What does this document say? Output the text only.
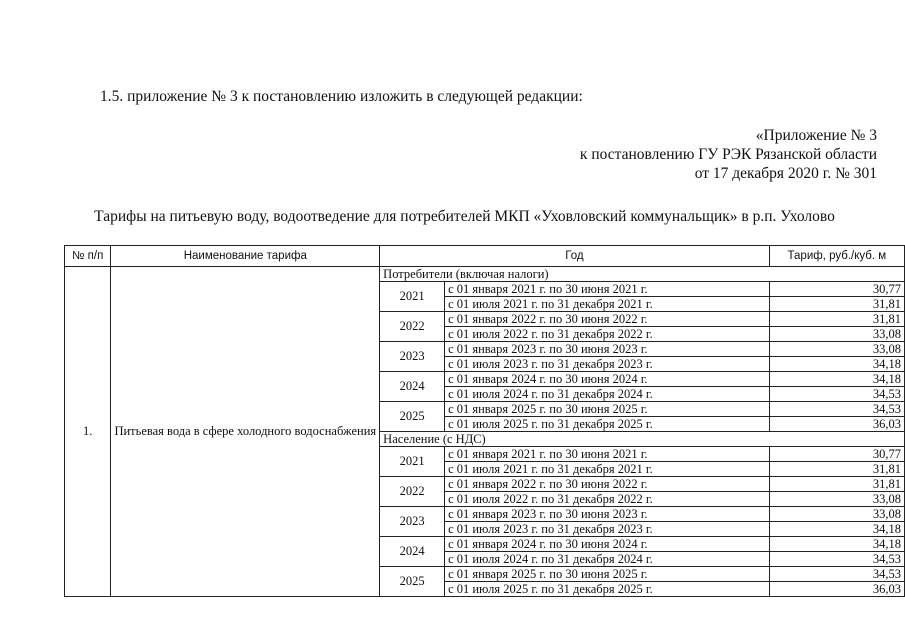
1.5. приложение № 3 к постановлению изложить в следующей редакции:
«Приложение № 3
к постановлению ГУ РЭК Рязанской области
от 17 декабря 2020 г. № 301
Тарифы на питьевую воду, водоотведение для потребителей МКП «Уховловский коммунальщик» в р.п. Ухолово
№ п/п	Наименование тарифа	Год		Тариф, руб./куб. м
1.	Питьевая вода в сфере холодного водоснабжения	Потребители (включая налоги)		
		2021	с 01 января 2021 г. по 30 июня 2021 г.	30,77
			с 01 июля 2021 г. по 31 декабря 2021 г.	31,81
		2022	с 01 января 2022 г. по 30 июня 2022 г.	31,81
			с 01 июля 2022 г. по 31 декабря 2022 г.	33,08
		2023	с 01 января 2023 г. по 30 июня 2023 г.	33,08
			с 01 июля 2023 г. по 31 декабря 2023 г.	34,18
		2024	с 01 января 2024 г. по 30 июня 2024 г.	34,18
			с 01 июля 2024 г. по 31 декабря 2024 г.	34,53
		2025	с 01 января 2025 г. по 30 июня 2025 г.	34,53
			с 01 июля 2025 г. по 31 декабря 2025 г.	36,03
		Население (с НДС)		
		2021	с 01 января 2021 г. по 30 июня 2021 г.	30,77
			с 01 июля 2021 г. по 31 декабря 2021 г.	31,81
		2022	с 01 января 2022 г. по 30 июня 2022 г.	31,81
			с 01 июля 2022 г. по 31 декабря 2022 г.	33,08
		2023	с 01 января 2023 г. по 30 июня 2023 г.	33,08
			с 01 июля 2023 г. по 31 декабря 2023 г.	34,18
		2024	с 01 января 2024 г. по 30 июня 2024 г.	34,18
			с 01 июля 2024 г. по 31 декабря 2024 г.	34,53
		2025	с 01 января 2025 г. по 30 июня 2025 г.	34,53
			с 01 июля 2025 г. по 31 декабря 2025 г.	36,03
